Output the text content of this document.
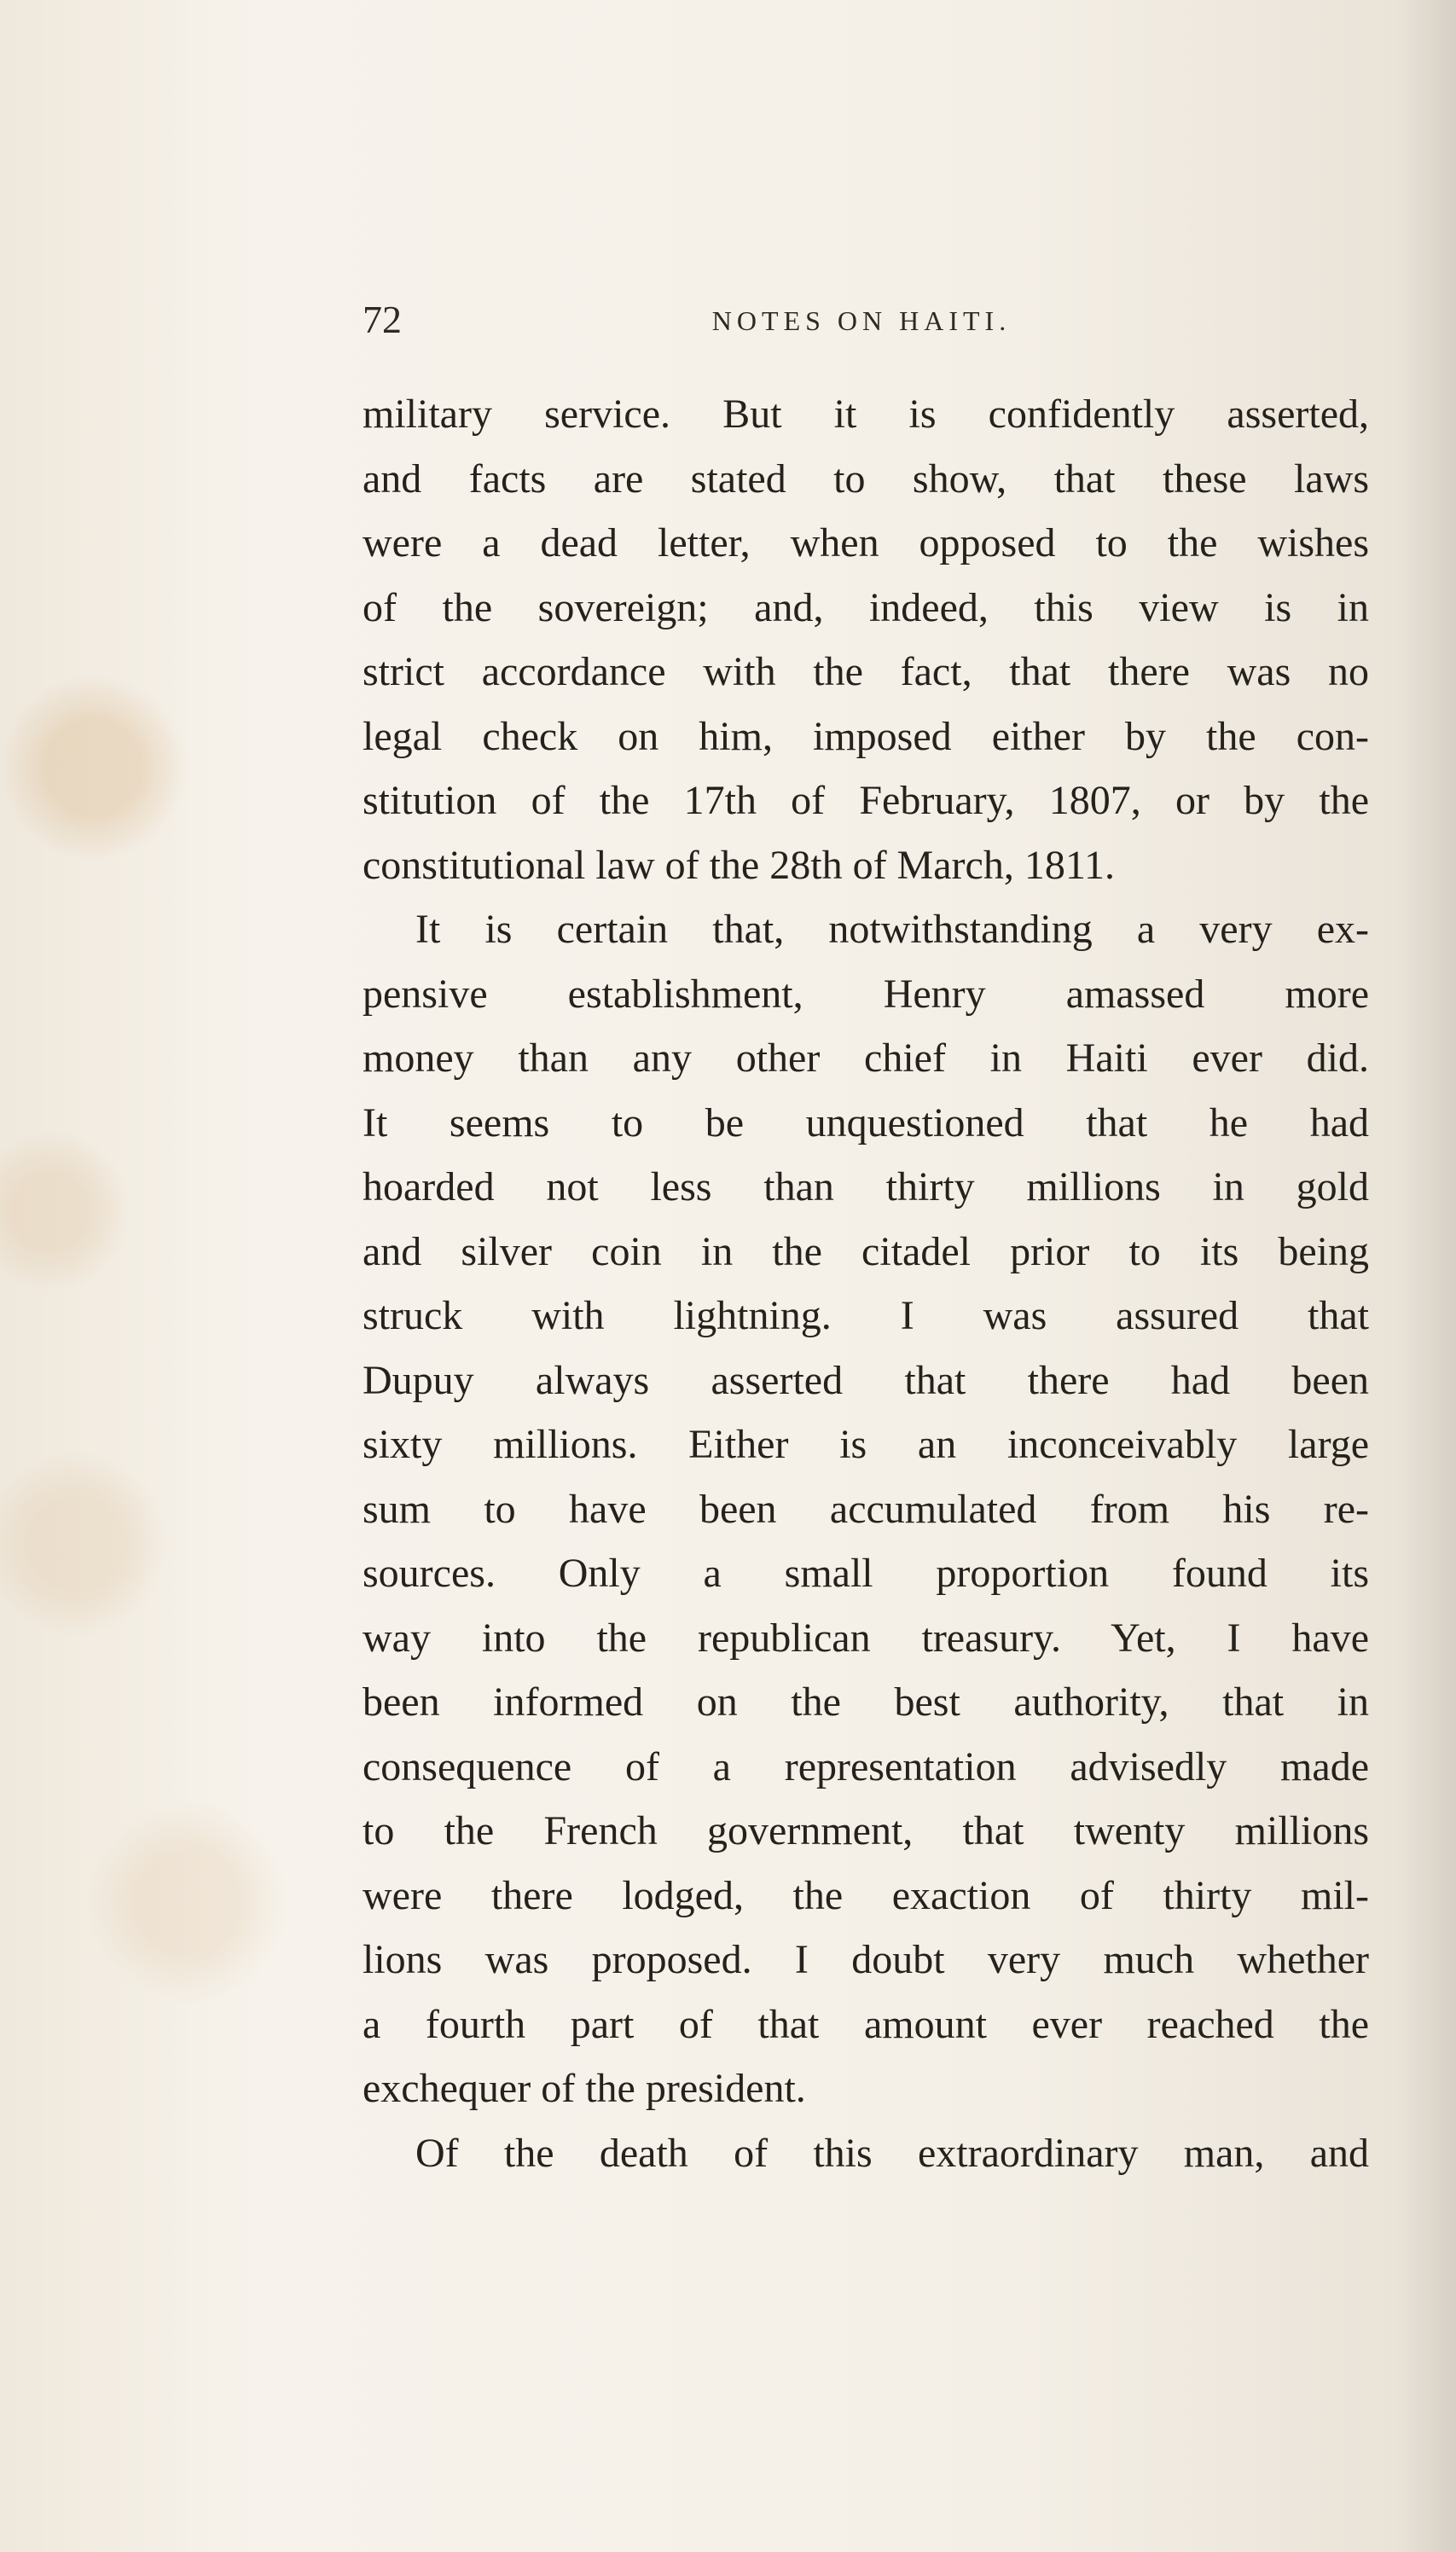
72	NOTES ON HAITI.
military service. But it is confidently asserted,
and facts are stated to show, that these laws
were a dead letter, when opposed to the wishes
of the sovereign; and, indeed, this view is in
strict accordance with the fact, that there was no
legal check on him, imposed either by the con-
stitution of the 17th of February, 1807, or by the
constitutional law of the 28th of March, 1811.
It is certain that, notwithstanding a very ex-
pensive establishment, Henry amassed more
money than any other chief in Haiti ever did.
It seems to be unquestioned that he had
hoarded not less than thirty millions in gold
and silver coin in the citadel prior to its being
struck with lightning. I was assured that
Dupuy always asserted that there had been
sixty millions. Either is an inconceivably large
sum to have been accumulated from his re-
sources. Only a small proportion found its
way into the republican treasury. Yet, I have
been informed on the best authority, that in
consequence of a representation advisedly made
to the French government, that twenty millions
were there lodged, the exaction of thirty mil-
lions was proposed. I doubt very much whether
a fourth part of that amount ever reached the
exchequer of the president.
Of the death of this extraordinary man, and
